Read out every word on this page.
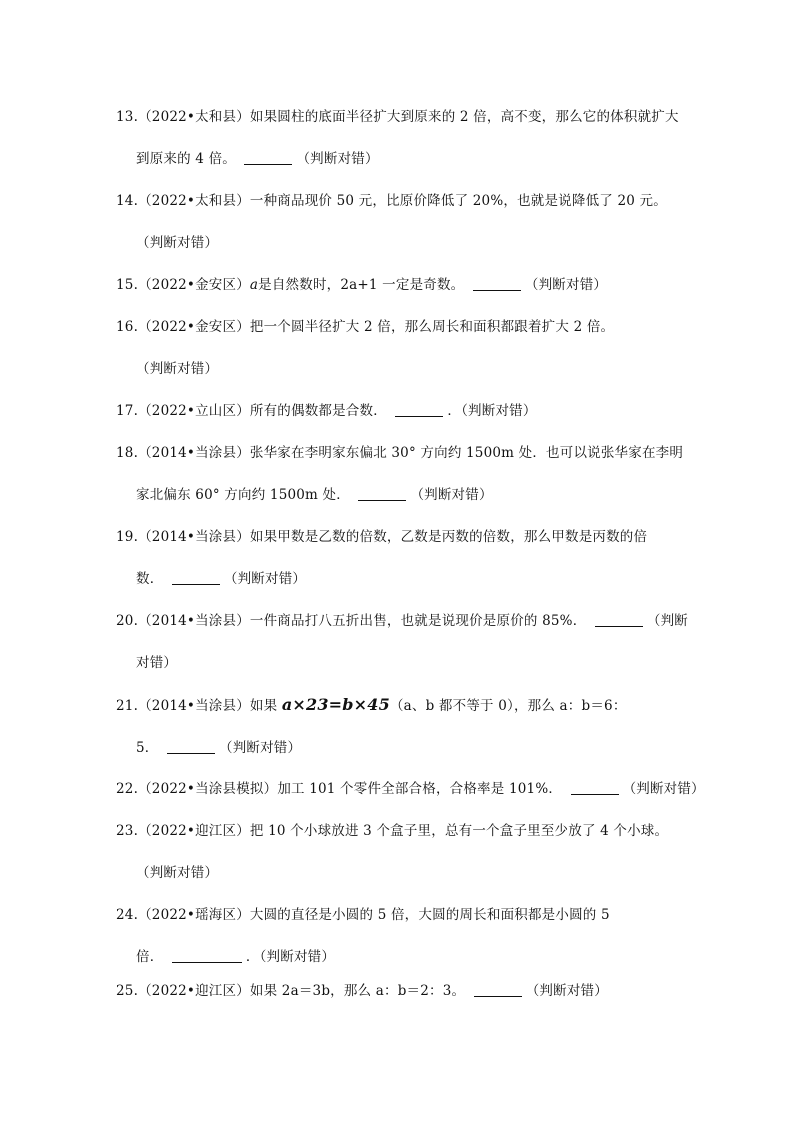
13.（2022•太和县）如果圆柱的底面半径扩大到原来的 2 倍，高不变，那么它的体积就扩大
到原来的 4 倍。	（判断对错）
14.（2022•太和县）一种商品现价 50 元，比原价降低了 20%，也就是说降低了 20 元。
（判断对错）
15.（2022•金安区）a是自然数时，2a+1 一定是奇数。	（判断对错）
16.（2022•金安区）把一个圆半径扩大 2 倍，那么周长和面积都跟着扩大 2 倍。
（判断对错）
17.（2022•立山区）所有的偶数都是合数．	．（判断对错）
18.（2014•当涂县）张华家在李明家东偏北 30° 方向约 1500m 处．也可以说张华家在李明
家北偏东 60° 方向约 1500m 处．	（判断对错）
19.（2014•当涂县）如果甲数是乙数的倍数，乙数是丙数的倍数，那么甲数是丙数的倍
数．	（判断对错）
20.（2014•当涂县）一件商品打八五折出售，也就是说现价是原价的 85%．	（判断
对错）
21.（2014•当涂县）如果 a×23=b×45（a、b 都不等于 0），那么 a：b＝6：
5．	（判断对错）
22.（2022•当涂县模拟）加工 101 个零件全部合格，合格率是 101%．	（判断对错）
23.（2022•迎江区）把 10 个小球放进 3 个盒子里，总有一个盒子里至少放了 4 个小球。
（判断对错）
24.（2022•瑶海区）大圆的直径是小圆的 5 倍，大圆的周长和面积都是小圆的 5
倍．	．（判断对错）
25.（2022•迎江区）如果 2a＝3b，那么 a：b＝2：3。	（判断对错）
